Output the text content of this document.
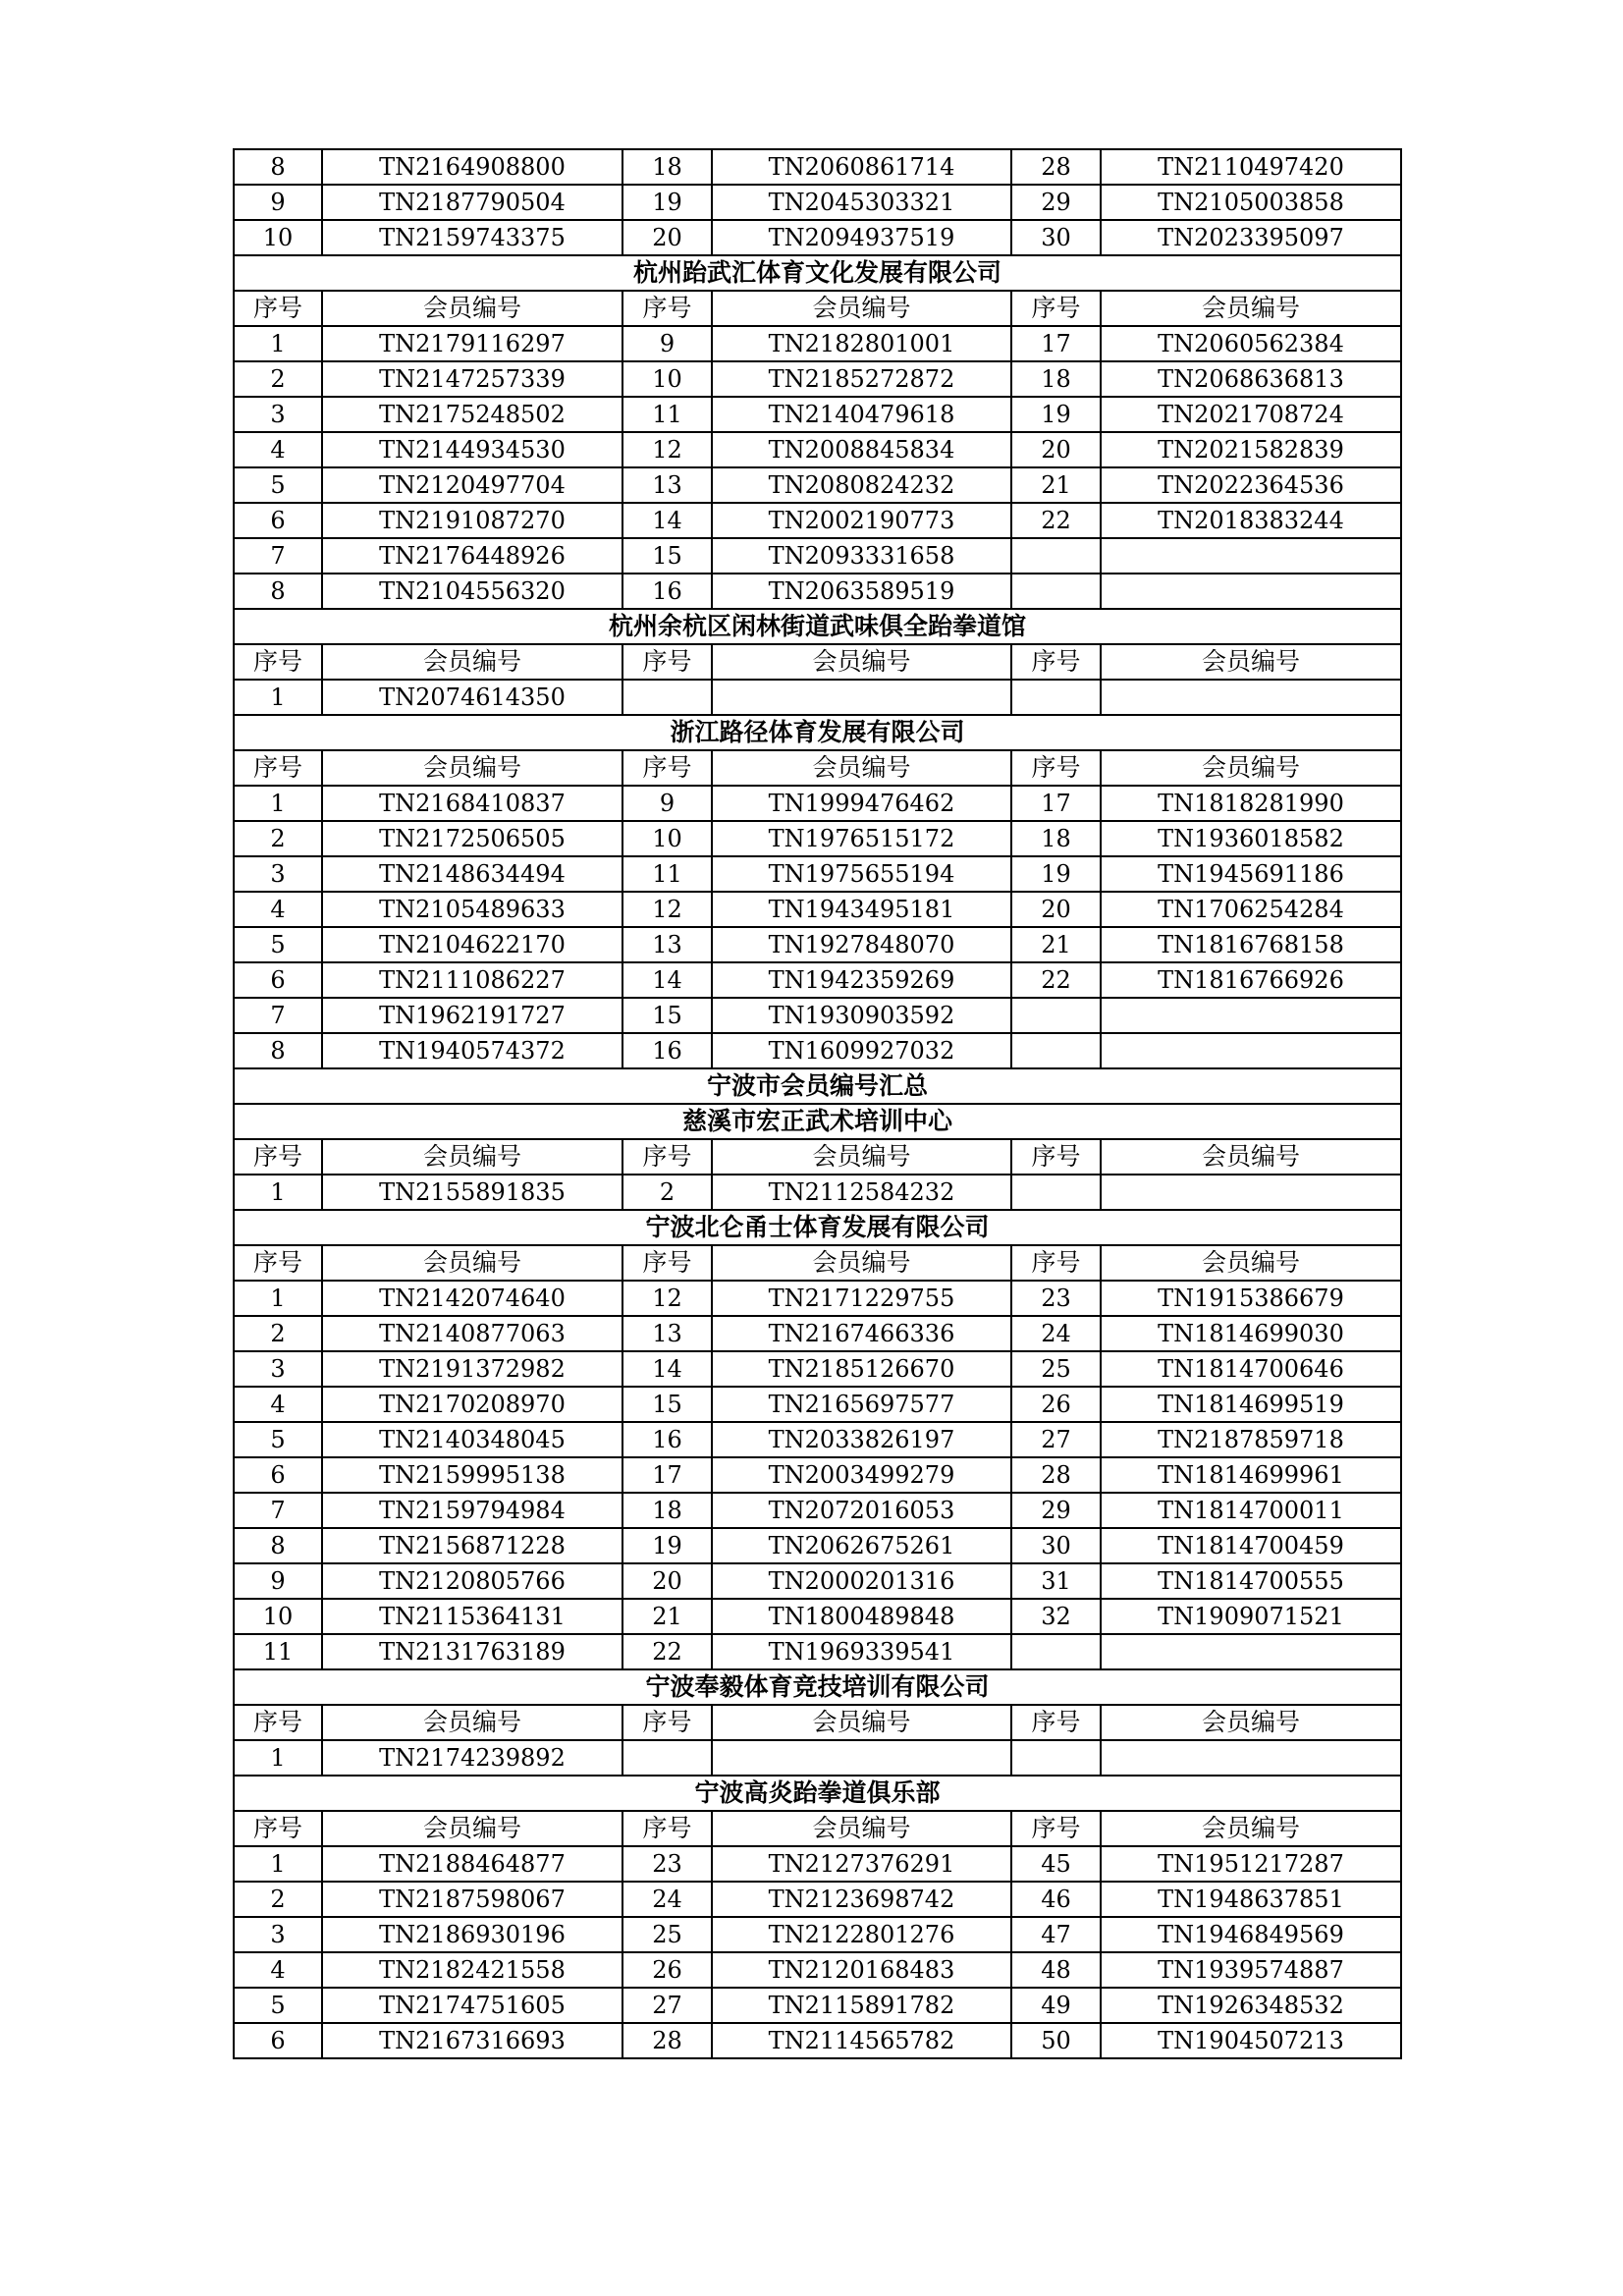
8	TN2164908800	18	TN2060861714	28	TN2110497420
9	TN2187790504	19	TN2045303321	29	TN2105003858
10	TN2159743375	20	TN2094937519	30	TN2023395097
杭州跆武汇体育文化发展有限公司					
序号	会员编号	序号	会员编号	序号	会员编号
1	TN2179116297	9	TN2182801001	17	TN2060562384
2	TN2147257339	10	TN2185272872	18	TN2068636813
3	TN2175248502	11	TN2140479618	19	TN2021708724
4	TN2144934530	12	TN2008845834	20	TN2021582839
5	TN2120497704	13	TN2080824232	21	TN2022364536
6	TN2191087270	14	TN2002190773	22	TN2018383244
7	TN2176448926	15	TN2093331658		
8	TN2104556320	16	TN2063589519		
杭州余杭区闲林街道武味俱全跆拳道馆					
序号	会员编号	序号	会员编号	序号	会员编号
1	TN2074614350				
浙江路径体育发展有限公司					
序号	会员编号	序号	会员编号	序号	会员编号
1	TN2168410837	9	TN1999476462	17	TN1818281990
2	TN2172506505	10	TN1976515172	18	TN1936018582
3	TN2148634494	11	TN1975655194	19	TN1945691186
4	TN2105489633	12	TN1943495181	20	TN1706254284
5	TN2104622170	13	TN1927848070	21	TN1816768158
6	TN2111086227	14	TN1942359269	22	TN1816766926
7	TN1962191727	15	TN1930903592		
8	TN1940574372	16	TN1609927032		
宁波市会员编号汇总					
慈溪市宏正武术培训中心					
序号	会员编号	序号	会员编号	序号	会员编号
1	TN2155891835	2	TN2112584232		
宁波北仑甬士体育发展有限公司					
序号	会员编号	序号	会员编号	序号	会员编号
1	TN2142074640	12	TN2171229755	23	TN1915386679
2	TN2140877063	13	TN2167466336	24	TN1814699030
3	TN2191372982	14	TN2185126670	25	TN1814700646
4	TN2170208970	15	TN2165697577	26	TN1814699519
5	TN2140348045	16	TN2033826197	27	TN2187859718
6	TN2159995138	17	TN2003499279	28	TN1814699961
7	TN2159794984	18	TN2072016053	29	TN1814700011
8	TN2156871228	19	TN2062675261	30	TN1814700459
9	TN2120805766	20	TN2000201316	31	TN1814700555
10	TN2115364131	21	TN1800489848	32	TN1909071521
11	TN2131763189	22	TN1969339541		
宁波奉毅体育竞技培训有限公司					
序号	会员编号	序号	会员编号	序号	会员编号
1	TN2174239892				
宁波高炎跆拳道俱乐部					
序号	会员编号	序号	会员编号	序号	会员编号
1	TN2188464877	23	TN2127376291	45	TN1951217287
2	TN2187598067	24	TN2123698742	46	TN1948637851
3	TN2186930196	25	TN2122801276	47	TN1946849569
4	TN2182421558	26	TN2120168483	48	TN1939574887
5	TN2174751605	27	TN2115891782	49	TN1926348532
6	TN2167316693	28	TN2114565782	50	TN1904507213
